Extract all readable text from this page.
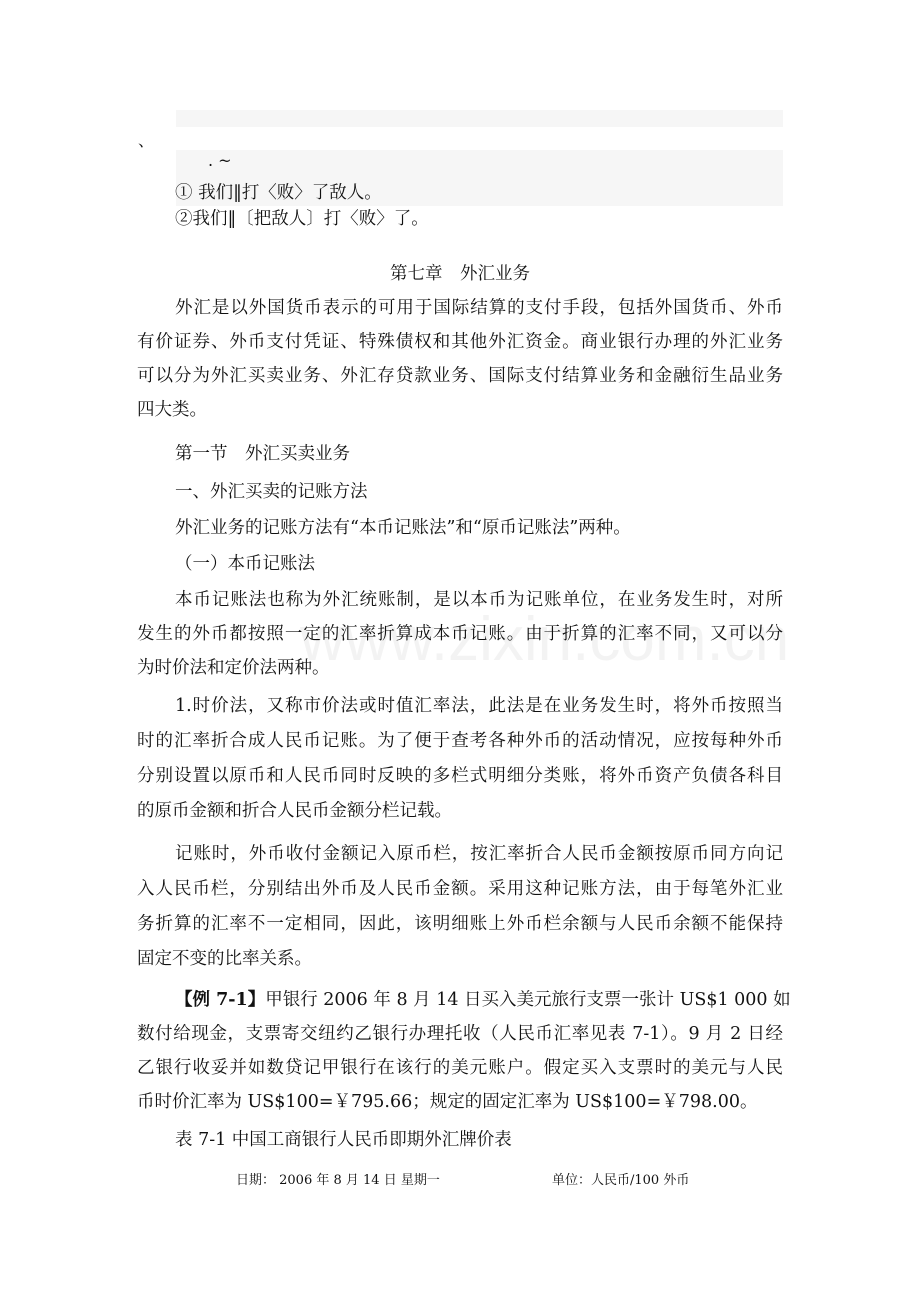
、
. ~
① 我们‖打〈败〉了敌人。
②我们‖〔把敌人〕打〈败〉了。
第七章　外汇业务
外汇是以外国货币表示的可用于国际结算的支付手段，包括外国货币、外币
有价证券、外币支付凭证、特殊债权和其他外汇资金。商业银行办理的外汇业务
可以分为外汇买卖业务、外汇存贷款业务、国际支付结算业务和金融衍生品业务
四大类。
第一节　外汇买卖业务
一、外汇买卖的记账方法
外汇业务的记账方法有“本币记账法”和“原币记账法”两种。
（一）本币记账法
本币记账法也称为外汇统账制，是以本币为记账单位，在业务发生时，对所
发生的外币都按照一定的汇率折算成本币记账。由于折算的汇率不同，又可以分
为时价法和定价法两种。
1.时价法，又称市价法或时值汇率法，此法是在业务发生时，将外币按照当
时的汇率折合成人民币记账。为了便于查考各种外币的活动情况，应按每种外币
分别设置以原币和人民币同时反映的多栏式明细分类账，将外币资产负债各科目
的原币金额和折合人民币金额分栏记载。
记账时，外币收付金额记入原币栏，按汇率折合人民币金额按原币同方向记
入人民币栏，分别结出外币及人民币金额。采用这种记账方法，由于每笔外汇业
务折算的汇率不一定相同，因此，该明细账上外币栏余额与人民币余额不能保持
固定不变的比率关系。
【例 7-1】甲银行 2006 年 8 月 14 日买入美元旅行支票一张计 US$1 000 如
数付给现金，支票寄交纽约乙银行办理托收（人民币汇率见表 7-1）。9 月 2 日经
乙银行收妥并如数贷记甲银行在该行的美元账户。假定买入支票时的美元与人民
币时价汇率为 US$100=￥795.66；规定的固定汇率为 US$100=￥798.00。
表 7-1 中国工商银行人民币即期外汇牌价表
日期： 2006 年 8 月 14 日 星期一	单位：人民币/100 外币
